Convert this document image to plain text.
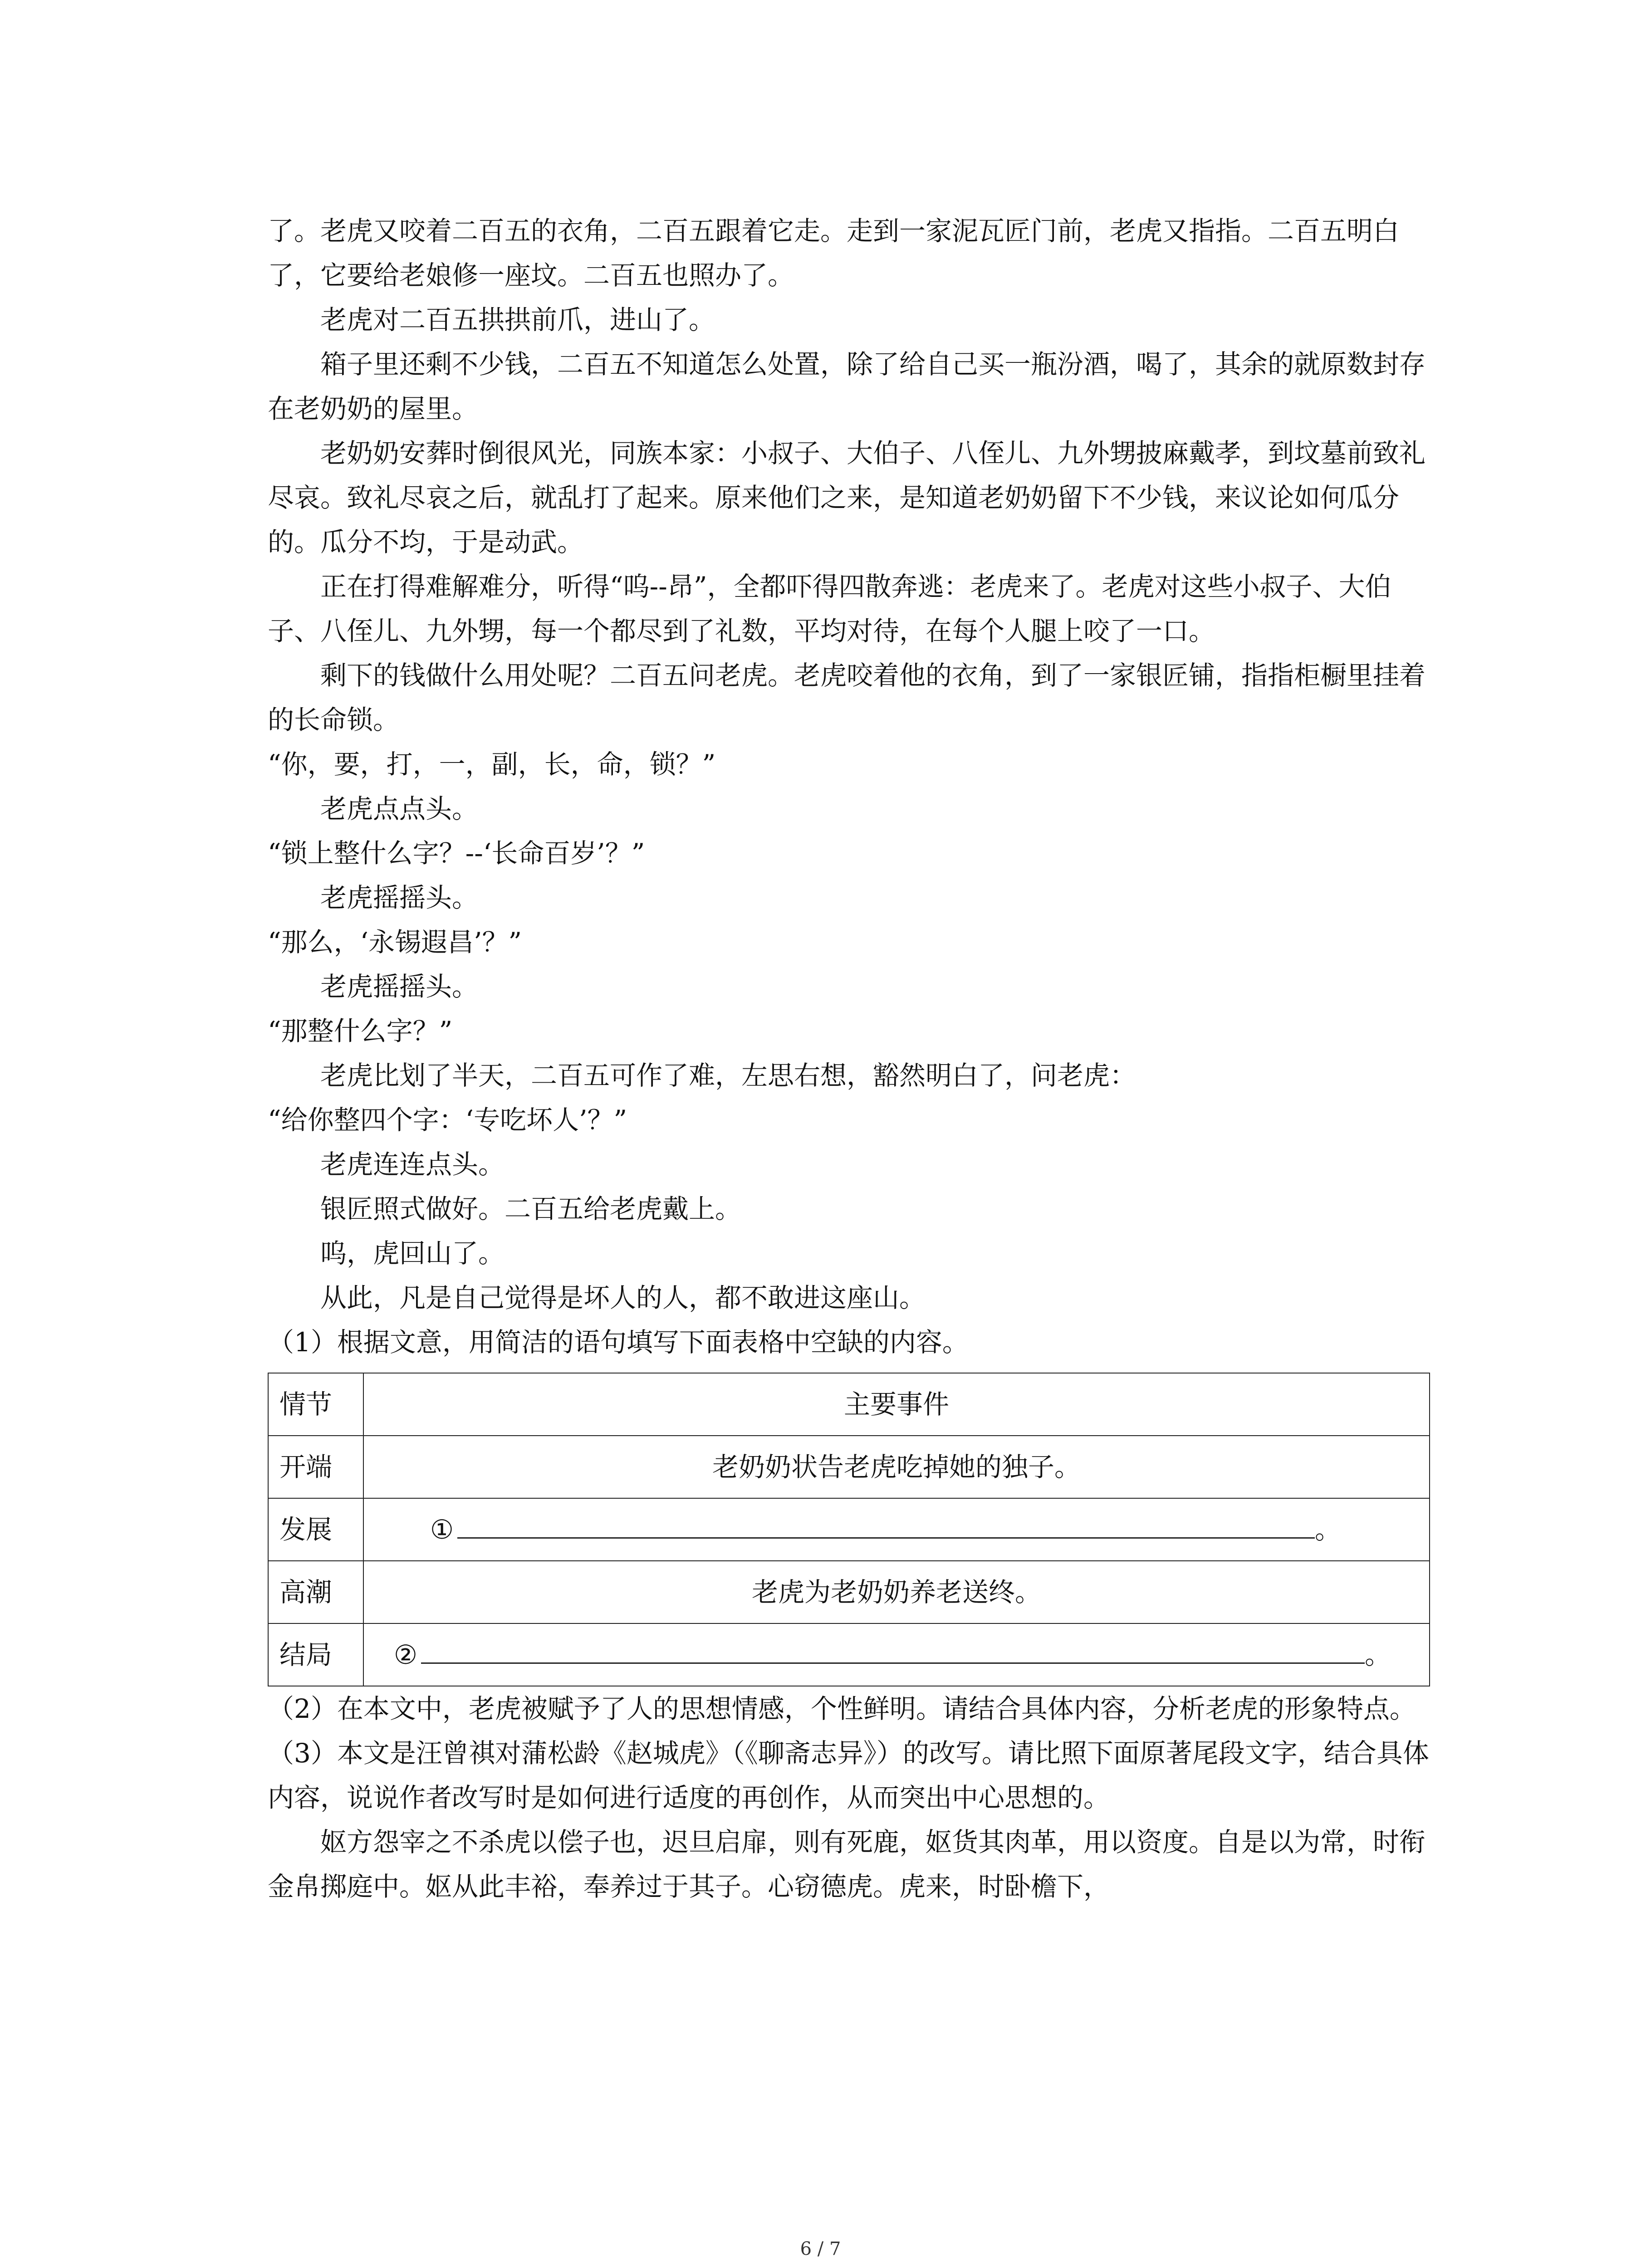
了。老虎又咬着二百五的衣角，二百五跟着它走。走到一家泥瓦匠门前，老虎又指指。二百五明白了，它要给老娘修一座坟。二百五也照办了。

老虎对二百五拱拱前爪，进山了。

箱子里还剩不少钱，二百五不知道怎么处置，除了给自己买一瓶汾酒，喝了，其余的就原数封存在老奶奶的屋里。

老奶奶安葬时倒很风光，同族本家：小叔子、大伯子、八侄儿、九外甥披麻戴孝，到坟墓前致礼尽哀。致礼尽哀之后，就乱打了起来。原来他们之来，是知道老奶奶留下不少钱，来议论如何瓜分的。瓜分不均，于是动武。

正在打得难解难分，听得“呜--昂”，全都吓得四散奔逃：老虎来了。老虎对这些小叔子、大伯子、八侄儿、九外甥，每一个都尽到了礼数，平均对待，在每个人腿上咬了一口。

剩下的钱做什么用处呢？二百五问老虎。老虎咬着他的衣角，到了一家银匠铺，指指柜橱里挂着的长命锁。

“你，要，打，一，副，长，命，锁？”

老虎点点头。

“锁上整什么字？--‘长命百岁’？”

老虎摇摇头。

“那么，‘永锡遐昌’？”

老虎摇摇头。

“那整什么字？”

老虎比划了半天，二百五可作了难，左思右想，豁然明白了，问老虎：

“给你整四个字：‘专吃坏人’？”

老虎连连点头。

银匠照式做好。二百五给老虎戴上。

呜，虎回山了。

从此，凡是自己觉得是坏人的人，都不敢进这座山。

（1）根据文意，用简洁的语句填写下面表格中空缺的内容。

情节	主要事件
开端	老奶奶状告老虎吃掉她的独子。
发展	① 。
高潮	老虎为老奶奶养老送终。
结局	② 。

（2）在本文中，老虎被赋予了人的思想情感，个性鲜明。请结合具体内容，分析老虎的形象特点。

（3）本文是汪曾祺对蒲松龄《赵城虎》（《聊斋志异》）的改写。请比照下面原著尾段文字，结合具体内容，说说作者改写时是如何进行适度的再创作，从而突出中心思想的。

妪方怨宰之不杀虎以偿子也，迟旦启扉，则有死鹿，妪货其肉革，用以资度。自是以为常，时衔金帛掷庭中。妪从此丰裕，奉养过于其子。心窃德虎。虎来，时卧檐下，

6 / 7
